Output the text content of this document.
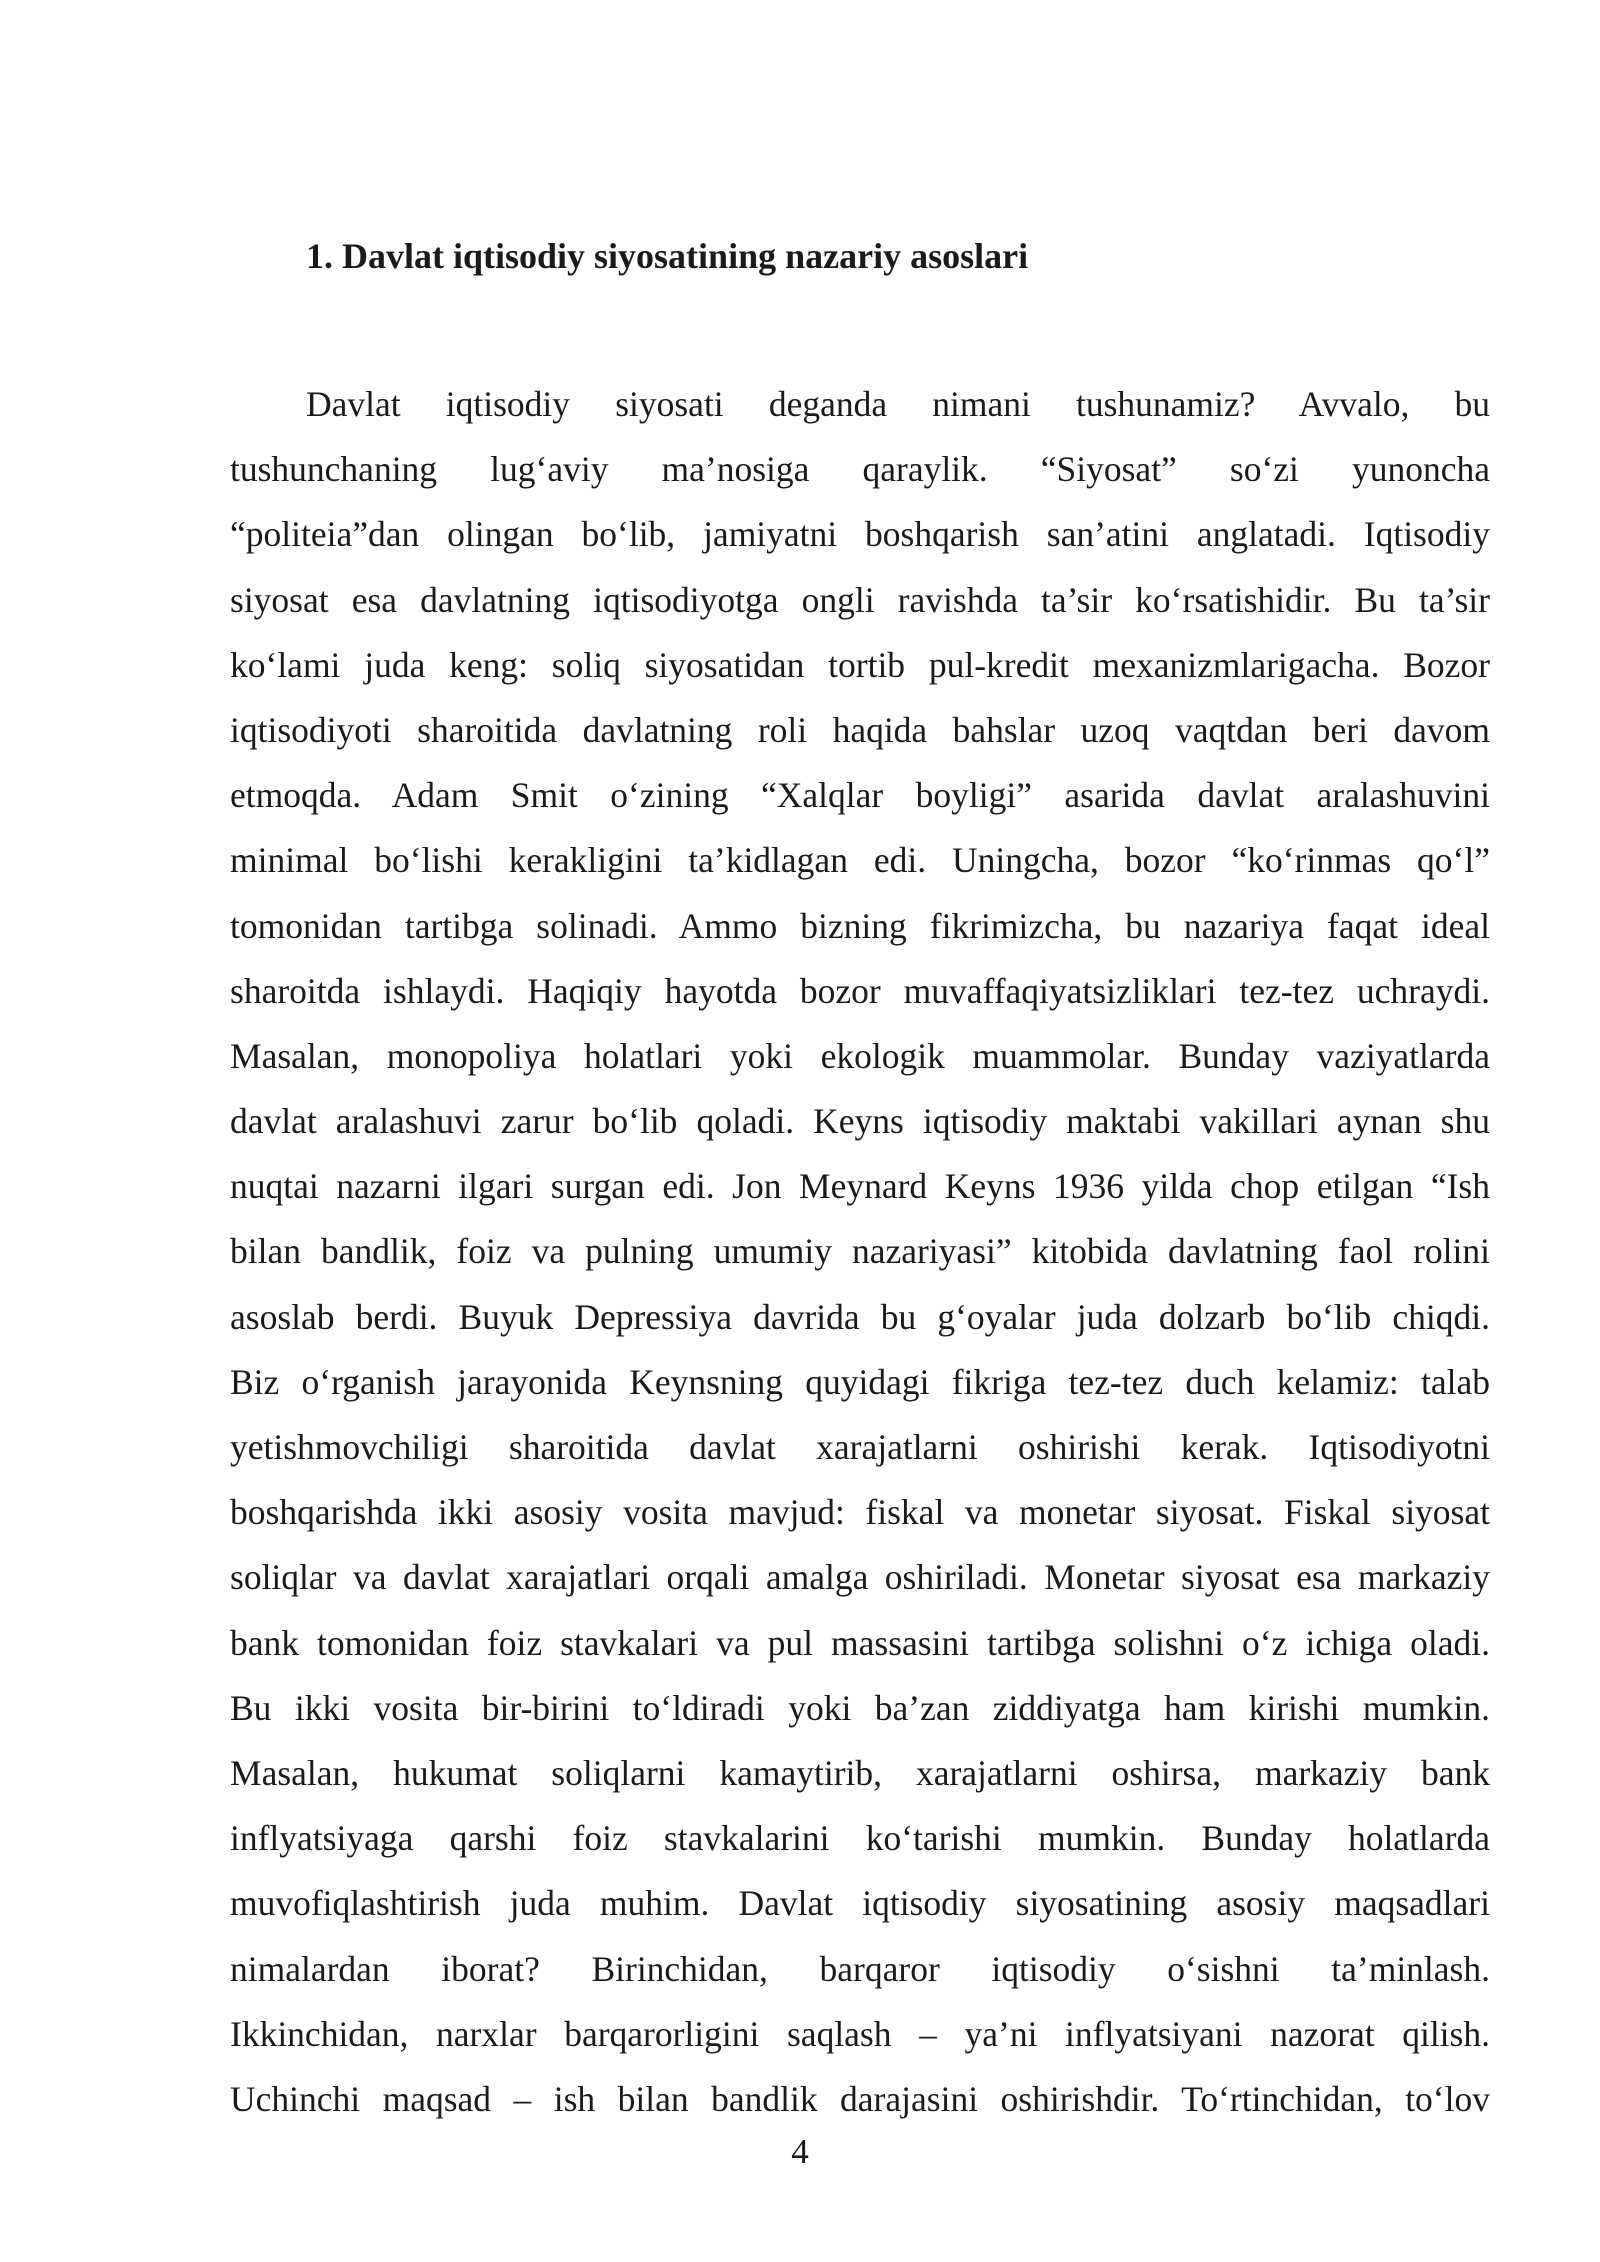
1. Davlat iqtisodiy siyosatining nazariy asoslari
Davlat iqtisodiy siyosati deganda nimani tushunamiz? Avvalo, bu
tushunchaning lug‘aviy ma’nosiga qaraylik. “Siyosat” so‘zi yunoncha
“politeia”dan olingan bo‘lib, jamiyatni boshqarish san’atini anglatadi. Iqtisodiy
siyosat esa davlatning iqtisodiyotga ongli ravishda ta’sir ko‘rsatishidir. Bu ta’sir
ko‘lami juda keng: soliq siyosatidan tortib pul-kredit mexanizmlarigacha. Bozor
iqtisodiyoti sharoitida davlatning roli haqida bahslar uzoq vaqtdan beri davom
etmoqda. Adam Smit o‘zining “Xalqlar boyligi” asarida davlat aralashuvini
minimal bo‘lishi kerakligini ta’kidlagan edi. Uningcha, bozor “ko‘rinmas qo‘l”
tomonidan tartibga solinadi. Ammo bizning fikrimizcha, bu nazariya faqat ideal
sharoitda ishlaydi. Haqiqiy hayotda bozor muvaffaqiyatsizliklari tez-tez uchraydi.
Masalan, monopoliya holatlari yoki ekologik muammolar. Bunday vaziyatlarda
davlat aralashuvi zarur bo‘lib qoladi. Keyns iqtisodiy maktabi vakillari aynan shu
nuqtai nazarni ilgari surgan edi. Jon Meynard Keyns 1936 yilda chop etilgan “Ish
bilan bandlik, foiz va pulning umumiy nazariyasi” kitobida davlatning faol rolini
asoslab berdi. Buyuk Depressiya davrida bu g‘oyalar juda dolzarb bo‘lib chiqdi.
Biz o‘rganish jarayonida Keynsning quyidagi fikriga tez-tez duch kelamiz: talab
yetishmovchiligi sharoitida davlat xarajatlarni oshirishi kerak. Iqtisodiyotni
boshqarishda ikki asosiy vosita mavjud: fiskal va monetar siyosat. Fiskal siyosat
soliqlar va davlat xarajatlari orqali amalga oshiriladi. Monetar siyosat esa markaziy
bank tomonidan foiz stavkalari va pul massasini tartibga solishni o‘z ichiga oladi.
Bu ikki vosita bir-birini to‘ldiradi yoki ba’zan ziddiyatga ham kirishi mumkin.
Masalan, hukumat soliqlarni kamaytirib, xarajatlarni oshirsa, markaziy bank
inflyatsiyaga qarshi foiz stavkalarini ko‘tarishi mumkin. Bunday holatlarda
muvofiqlashtirish juda muhim. Davlat iqtisodiy siyosatining asosiy maqsadlari
nimalardan iborat? Birinchidan, barqaror iqtisodiy o‘sishni ta’minlash.
Ikkinchidan, narxlar barqarorligini saqlash – ya’ni inflyatsiyani nazorat qilish.
Uchinchi maqsad – ish bilan bandlik darajasini oshirishdir. To‘rtinchidan, to‘lov
4
